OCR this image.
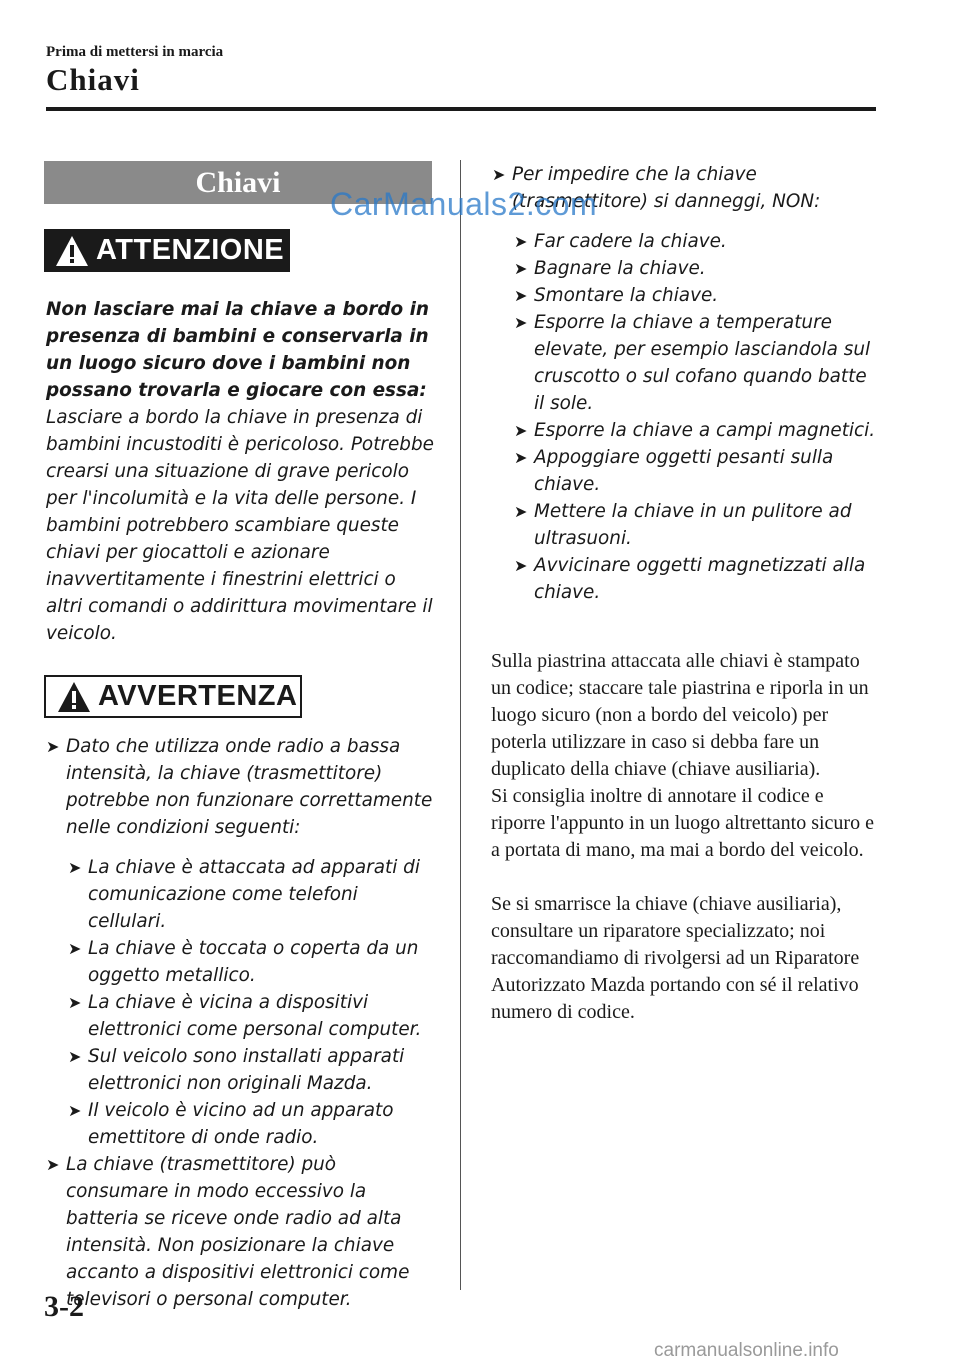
Prima di mettersi in marcia
Chiavi
Chiavi
ATTENZIONE

Non lasciare mai la chiave a bordo in presenza di bambini e conservarla in un luogo sicuro dove i bambini non possano trovarla e giocare con essa:

Lasciare a bordo la chiave in presenza di bambini incustoditi è pericoloso. Potrebbe crearsi una situazione di grave pericolo per l'incolumità e la vita delle persone. I bambini potrebbero scambiare queste chiavi per giocattoli e azionare inavvertitamente i finestrini elettrici o altri comandi o addirittura movimentare il veicolo.

AVVERTENZA
➤ Dato che utilizza onde radio a bassa intensità, la chiave (trasmettitore) potrebbe non funzionare correttamente nelle condizioni seguenti:
➤ La chiave è attaccata ad apparati di comunicazione come telefoni cellulari.
➤ La chiave è toccata o coperta da un oggetto metallico.
➤ La chiave è vicina a dispositivi elettronici come personal computer.
➤ Sul veicolo sono installati apparati elettronici non originali Mazda.
➤ Il veicolo è vicino ad un apparato emettitore di onde radio.
➤ La chiave (trasmettitore) può consumare in modo eccessivo la batteria se riceve onde radio ad alta intensità. Non posizionare la chiave accanto a dispositivi elettronici come televisori o personal computer.
➤ Per impedire che la chiave (trasmettitore) si danneggi, NON:
➤ Far cadere la chiave.
➤ Bagnare la chiave.
➤ Smontare la chiave.
➤ Esporre la chiave a temperature elevate, per esempio lasciandola sul cruscotto o sul cofano quando batte il sole.
➤ Esporre la chiave a campi magnetici.
➤ Appoggiare oggetti pesanti sulla chiave.
➤ Mettere la chiave in un pulitore ad ultrasuoni.
➤ Avvicinare oggetti magnetizzati alla chiave.

Sulla piastrina attaccata alle chiavi è stampato un codice; staccare tale piastrina e riporla in un luogo sicuro (non a bordo del veicolo) per poterla utilizzare in caso si debba fare un duplicato della chiave (chiave ausiliaria).

Si consiglia inoltre di annotare il codice e riporre l'appunto in un luogo altrettanto sicuro e a portata di mano, ma mai a bordo del veicolo.

Se si smarrisce la chiave (chiave ausiliaria), consultare un riparatore specializzato; noi raccomandiamo di rivolgersi ad un Riparatore Autorizzato Mazda portando con sé il relativo numero di codice.

CarManuals2.com
3-2
carmanualsonline.info
